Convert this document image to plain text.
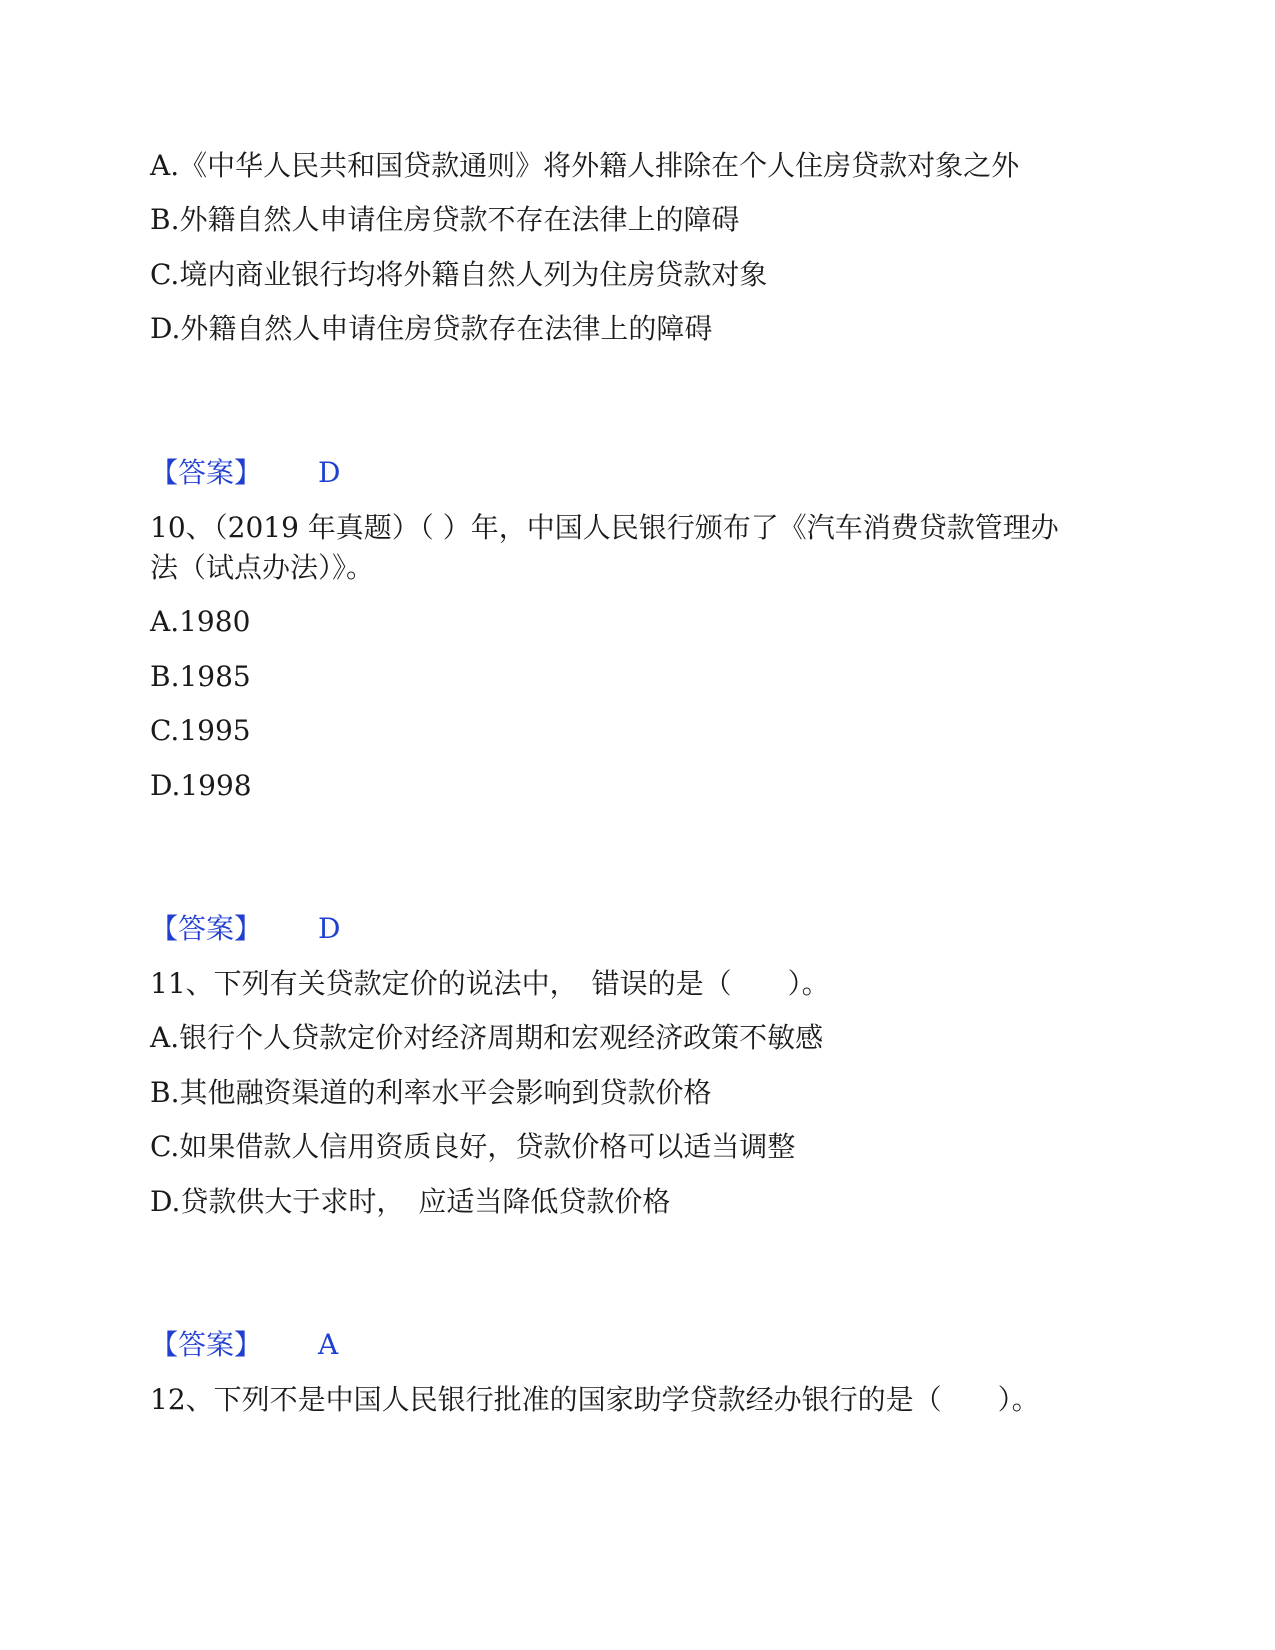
A.《中华人民共和国贷款通则》将外籍人排除在个人住房贷款对象之外
B.外籍自然人申请住房贷款不存在法律上的障碍
C.境内商业银行均将外籍自然人列为住房贷款对象
D.外籍自然人申请住房贷款存在法律上的障碍
【答案】 D
10、（2019 年真题）（ ）年，中国人民银行颁布了《汽车消费贷款管理办
法（试点办法）》。
A.1980
B.1985
C.1995
D.1998
【答案】 D
11、下列有关贷款定价的说法中，　错误的是（　　）。
A.银行个人贷款定价对经济周期和宏观经济政策不敏感
B.其他融资渠道的利率水平会影响到贷款价格
C.如果借款人信用资质良好，贷款价格可以适当调整
D.贷款供大于求时，　应适当降低贷款价格
【答案】 A
12、下列不是中国人民银行批准的国家助学贷款经办银行的是（　　）。
